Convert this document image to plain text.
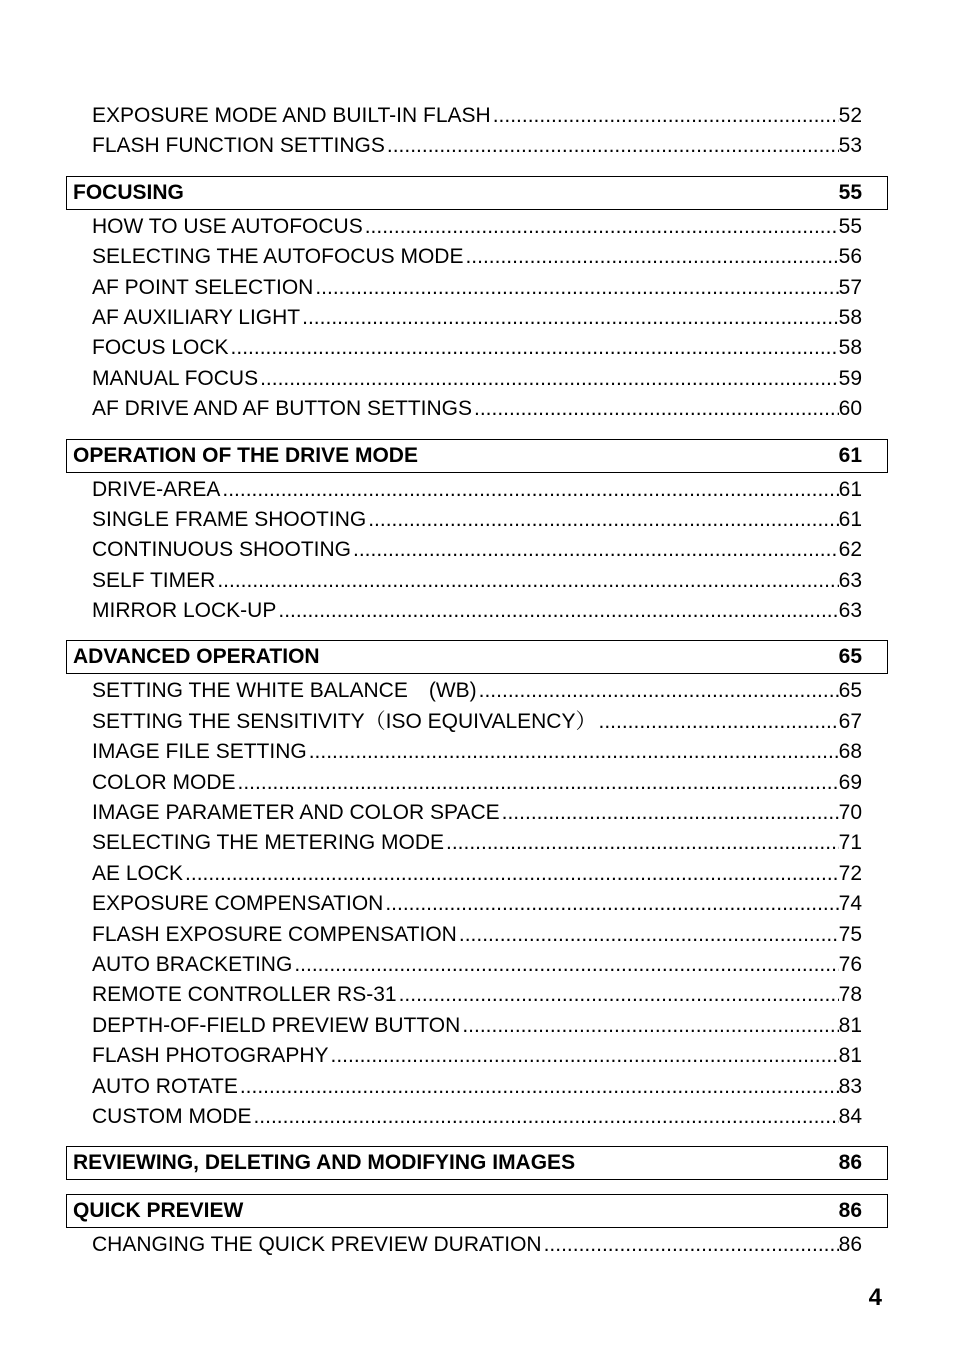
EXPOSURE MODE AND BUILT-IN FLASH .....	52
FLASH FUNCTION SETTINGS .....	53
FOCUSING	55
HOW TO USE AUTOFOCUS .....	55
SELECTING THE AUTOFOCUS MODE .....	56
AF POINT SELECTION .....	57
AF AUXILIARY LIGHT .....	58
FOCUS LOCK .....	58
MANUAL FOCUS .....	59
AF DRIVE AND AF BUTTON SETTINGS .....	60
OPERATION OF THE DRIVE MODE	61
DRIVE-AREA .....	61
SINGLE FRAME SHOOTING .....	61
CONTINUOUS SHOOTING .....	62
SELF TIMER .....	63
MIRROR LOCK-UP .....	63
ADVANCED OPERATION	65
SETTING THE WHITE BALANCE　(WB) .....	65
SETTING THE SENSITIVITY（ISO EQUIVALENCY） .....	67
IMAGE FILE SETTING .....	68
COLOR MODE .....	69
IMAGE PARAMETER AND COLOR SPACE .....	70
SELECTING THE METERING MODE .....	71
AE LOCK .....	72
EXPOSURE COMPENSATION .....	74
FLASH EXPOSURE COMPENSATION .....	75
AUTO BRACKETING .....	76
REMOTE CONTROLLER RS-31 .....	78
DEPTH-OF-FIELD PREVIEW BUTTON .....	81
FLASH PHOTOGRAPHY .....	81
AUTO ROTATE .....	83
CUSTOM MODE .....	84
REVIEWING, DELETING AND MODIFYING IMAGES	86
QUICK PREVIEW	86
CHANGING THE QUICK PREVIEW DURATION .....	86
4
